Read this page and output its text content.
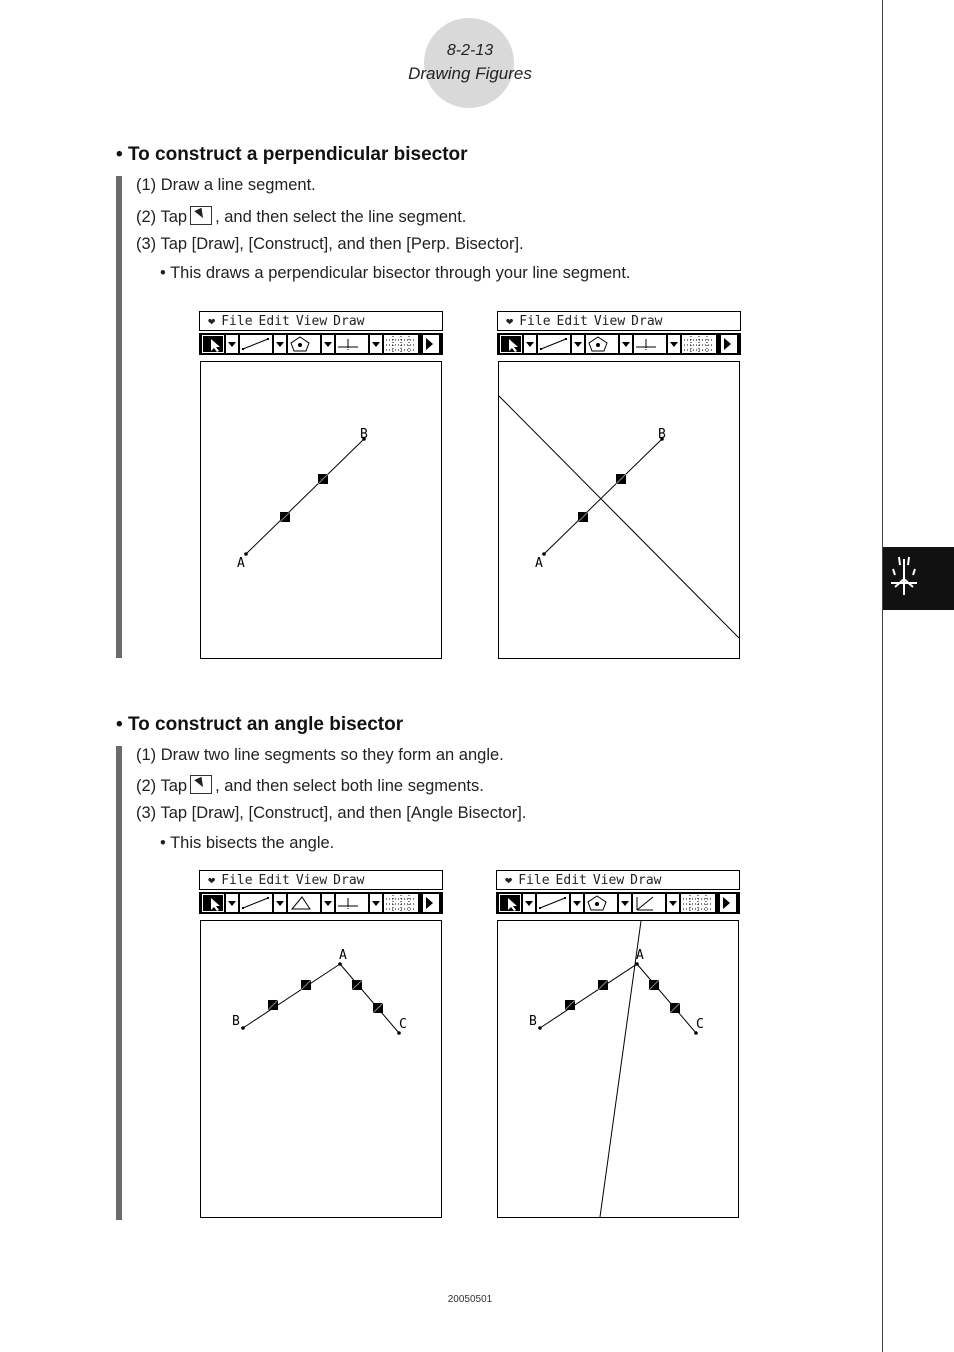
8-2-13
Drawing Figures
• To construct a perpendicular bisector
(1) Draw a line segment.
(2) Tap , and then select the line segment.
(3) Tap [Draw], [Construct], and then [Perp. Bisector].
• This draws a perpendicular bisector through your line segment.
• To construct an angle bisector
(1) Draw two line segments so they form an angle.
(2) Tap , and then select both line segments.
(3) Tap [Draw], [Construct], and then [Angle Bisector].
• This bisects the angle.
❤ File Edit View Draw
A
B
❤ File Edit View Draw
A
B
❤ File Edit View Draw
B
A
C
❤ File Edit View Draw
B
A
C
20050501
